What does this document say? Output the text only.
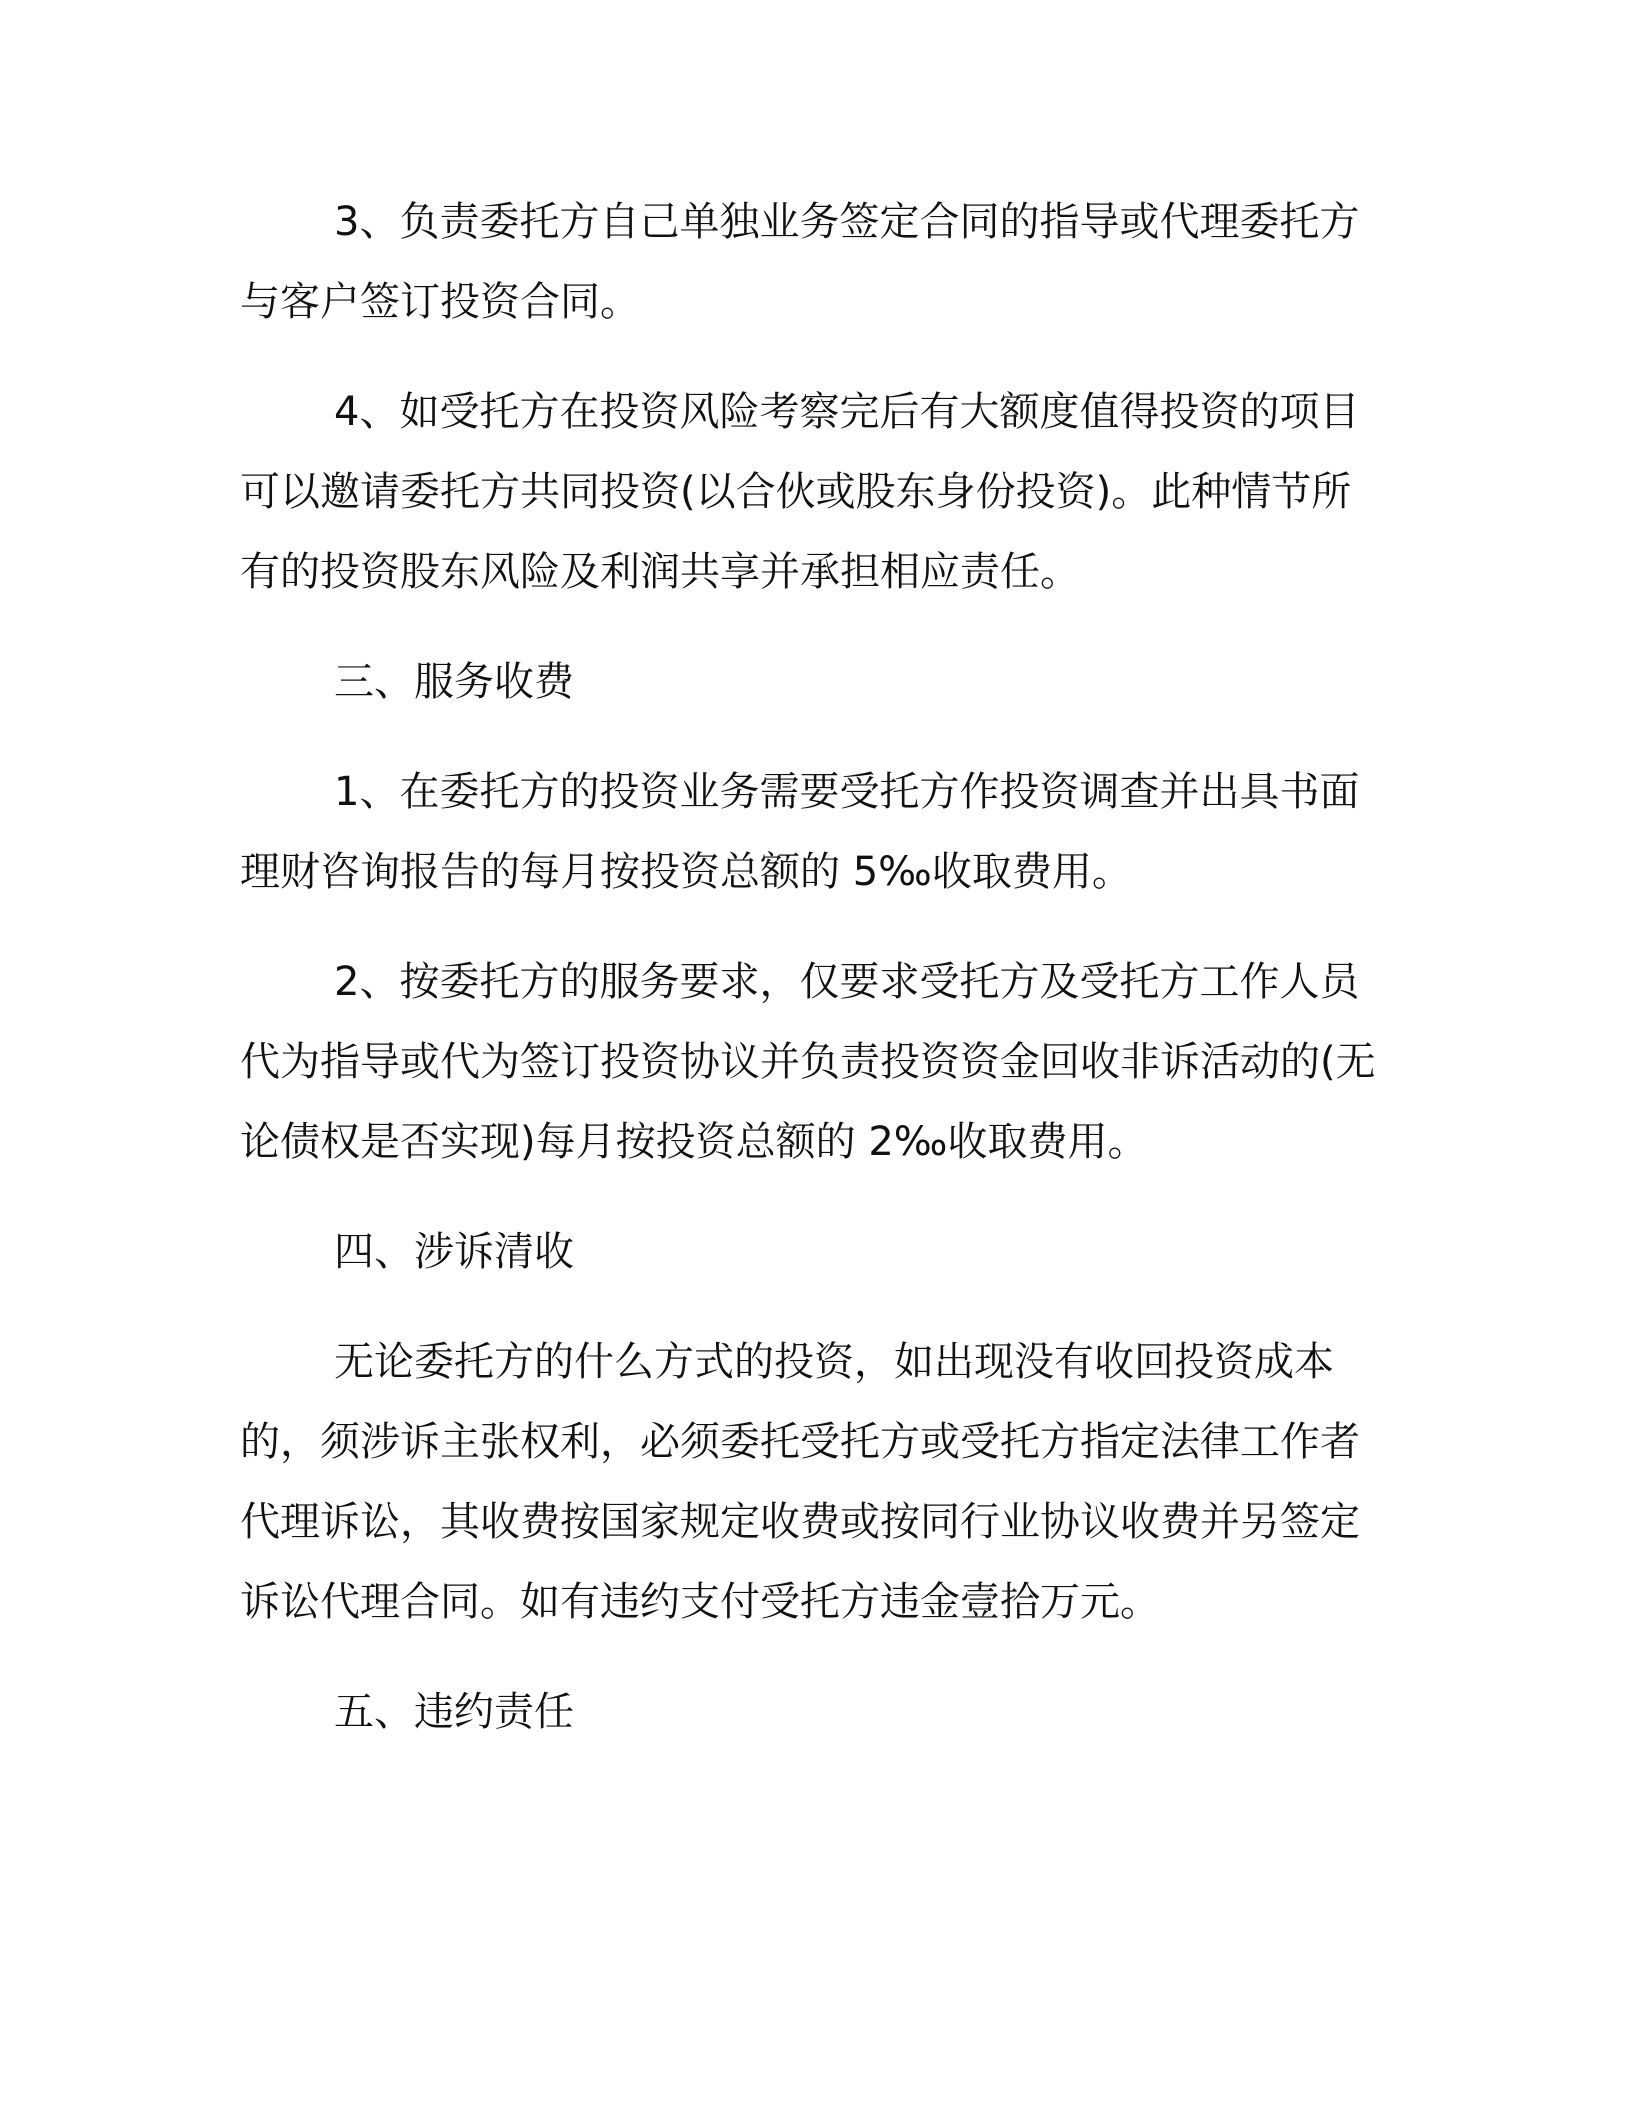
3、负责委托方自己单独业务签定合同的指导或代理委托方与客户签订投资合同。

4、如受托方在投资风险考察完后有大额度值得投资的项目可以邀请委托方共同投资(以合伙或股东身份投资)。此种情节所有的投资股东风险及利润共享并承担相应责任。

三、服务收费

1、在委托方的投资业务需要受托方作投资调查并出具书面理财咨询报告的每月按投资总额的 5‰收取费用。

2、按委托方的服务要求，仅要求受托方及受托方工作人员代为指导或代为签订投资协议并负责投资资金回收非诉活动的(无论债权是否实现)每月按投资总额的 2‰收取费用。

四、涉诉清收

无论委托方的什么方式的投资，如出现没有收回投资成本的，须涉诉主张权利，必须委托受托方或受托方指定法律工作者代理诉讼，其收费按国家规定收费或按同行业协议收费并另签定诉讼代理合同。如有违约支付受托方违金壹拾万元。

五、违约责任
